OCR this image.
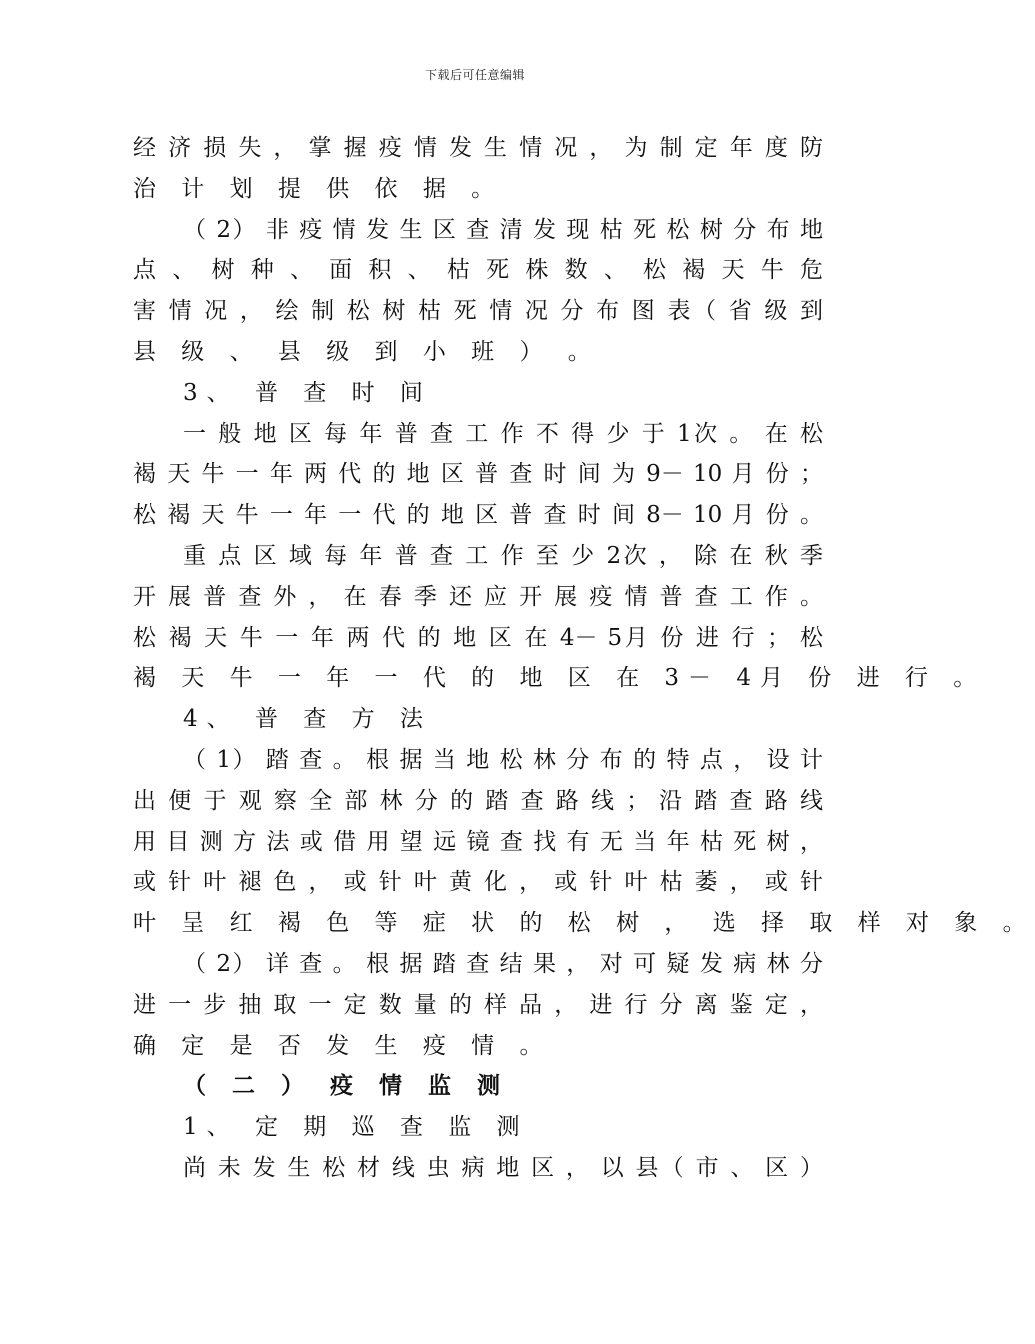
下载后可任意编辑
经 济 损 失 ， 掌 握 疫 情 发 生 情 况 ， 为 制 定 年 度 防
治 计 划 提 供 依 据 。
（ 2） 非 疫 情 发 生 区 查 清 发 现 枯 死 松 树 分 布 地
点 、 树 种 、 面 积 、 枯 死 株 数 、 松 褐 天 牛 危
害 情 况 ， 绘 制 松 树 枯 死 情 况 分 布 图 表（ 省 级 到
县 级 、 县 级 到 小 班 ） 。
3、 普 查 时 间
一 般 地 区 每 年 普 查 工 作 不 得 少 于 1次 。 在 松
褐 天 牛 一 年 两 代 的 地 区 普 查 时 间 为 9－ 10 月 份 ；
松 褐 天 牛 一 年 一 代 的 地 区 普 查 时 间 8－ 10 月 份 。
重 点 区 域 每 年 普 查 工 作 至 少 2次 ， 除 在 秋 季
开 展 普 查 外 ， 在 春 季 还 应 开 展 疫 情 普 查 工 作 。
松 褐 天 牛 一 年 两 代 的 地 区 在 4－ 5月 份 进 行 ； 松
褐 天 牛 一 年 一 代 的 地 区 在 3－ 4月 份 进 行 。
4、 普 查 方 法
（ 1） 踏 查 。 根 据 当 地 松 林 分 布 的 特 点 ， 设 计
出 便 于 观 察 全 部 林 分 的 踏 查 路 线 ； 沿 踏 查 路 线
用 目 测 方 法 或 借 用 望 远 镜 查 找 有 无 当 年 枯 死 树 ，
或 针 叶 褪 色 ， 或 针 叶 黄 化 ， 或 针 叶 枯 萎 ， 或 针
叶 呈 红 褐 色 等 症 状 的 松 树 ， 选 择 取 样 对 象 。
（ 2） 详 查 。 根 据 踏 查 结 果 ， 对 可 疑 发 病 林 分
进 一 步 抽 取 一 定 数 量 的 样 品 ， 进 行 分 离 鉴 定 ，
确 定 是 否 发 生 疫 情 。
（ 二 ） 疫 情 监 测
1、 定 期 巡 查 监 测
尚 未 发 生 松 材 线 虫 病 地 区 ， 以 县（ 市 、 区 ）
